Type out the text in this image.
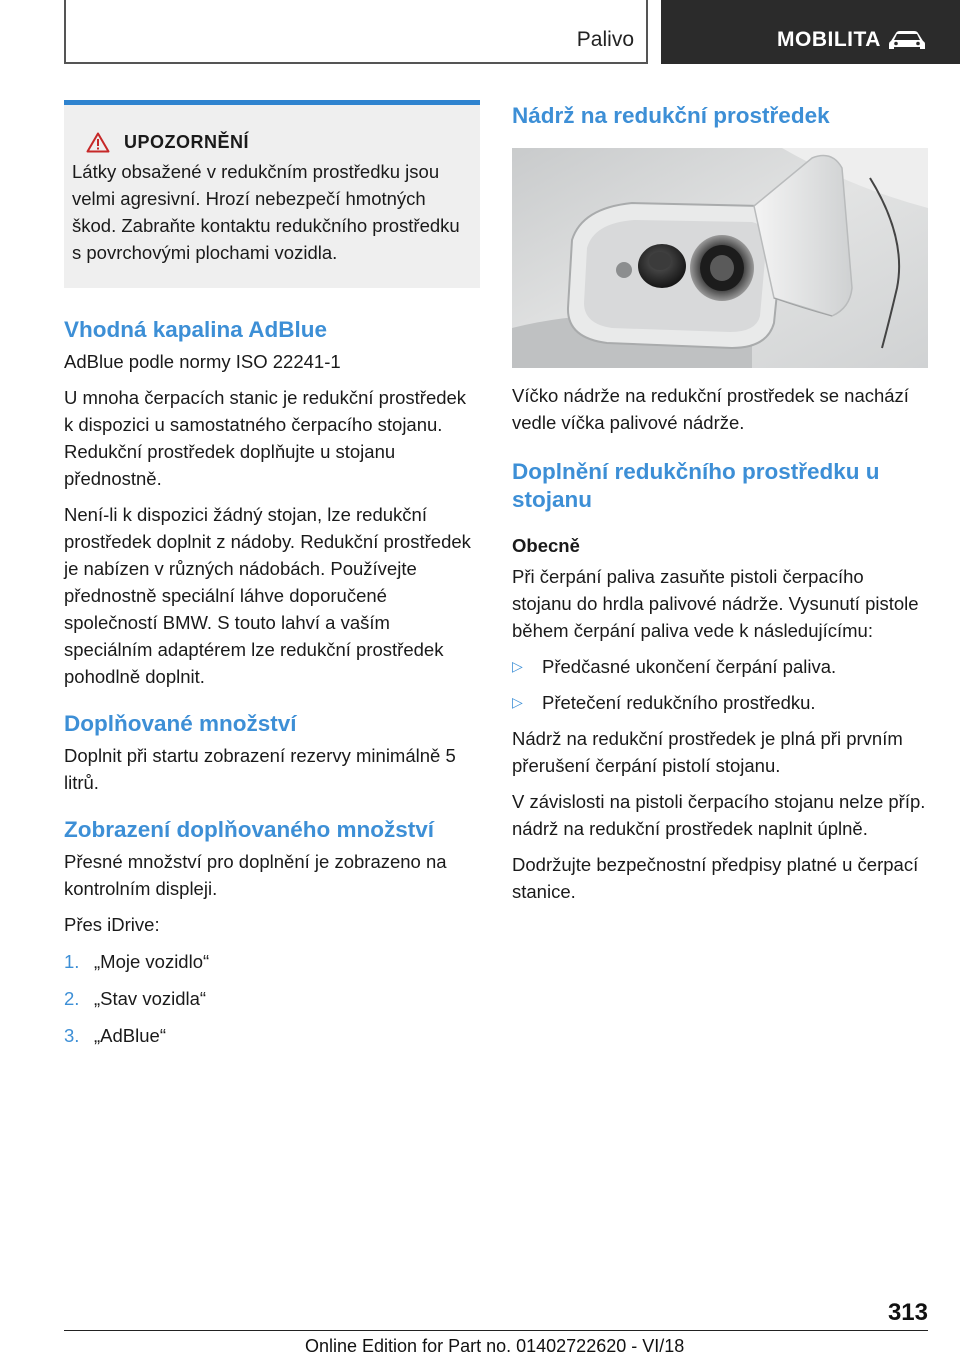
Palivo	MOBILITA
UPOZORNĚNÍ

Látky obsažené v redukčním prostředku jsou velmi agresivní. Hrozí nebezpečí hmotných škod. Zabraňte kontaktu redukčního prostředku s povrchovými plochami vozidla.

Vhodná kapalina AdBlue

AdBlue podle normy ISO 22241-1

U mnoha čerpacích stanic je redukční prostředek k dispozici u samostatného čerpacího stojanu. Redukční prostředek doplňujte u stojanu přednostně.

Není-li k dispozici žádný stojan, lze redukční prostředek doplnit z nádoby. Redukční prostředek je nabízen v různých nádobách. Používejte přednostně speciální láhve doporučené společností BMW. S touto lahví a vaším speciálním adaptérem lze redukční prostředek pohodlně doplnit.

Doplňované množství

Doplnit při startu zobrazení rezervy minimálně 5 litrů.

Zobrazení doplňovaného množství

Přesné množství pro doplnění je zobrazeno na kontrolním displeji.

Přes iDrive:

1. „Moje vozidlo“
2. „Stav vozidla“
3. „AdBlue“
Nádrž na redukční prostředek

Víčko nádrže na redukční prostředek se nachází vedle víčka palivové nádrže.

Doplnění redukčního prostředku u stojanu
Obecně

Při čerpání paliva zasuňte pistoli čerpacího stojanu do hrdla palivové nádrže. Vysunutí pistole během čerpání paliva vede k následujícímu:

▷	Předčasné ukončení čerpání paliva.
▷	Přetečení redukčního prostředku.

Nádrž na redukční prostředek je plná při prvním přerušení čerpání pistolí stojanu.

V závislosti na pistoli čerpacího stojanu nelze příp. nádrž na redukční prostředek naplnit úplně.

Dodržujte bezpečnostní předpisy platné u čerpací stanice.

313
Online Edition for Part no. 01402722620 - VI/18
